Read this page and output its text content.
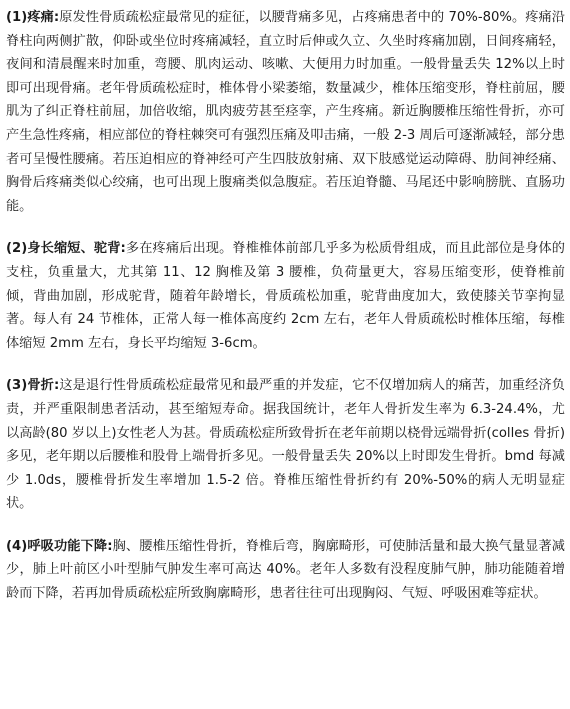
(1)疼痛:原发性骨质疏松症最常见的症征，以腰背痛多见，占疼痛患者中的 70%-80%。疼痛沿脊柱向两侧扩散，仰卧或坐位时疼痛减轻，直立时后伸或久立、久坐时疼痛加剧，日间疼痛轻，夜间和清晨醒来时加重，弯腰、肌肉运动、咳嗽、大便用力时加重。一般骨量丢失 12%以上时即可出现骨痛。老年骨质疏松症时，椎体骨小梁萎缩，数量减少，椎体压缩变形，脊柱前屈，腰肌为了纠正脊柱前屈，加倍收缩，肌肉疲劳甚至痉挛，产生疼痛。新近胸腰椎压缩性骨折，亦可产生急性疼痛，相应部位的脊柱棘突可有强烈压痛及叩击痛，一般 2-3 周后可逐渐减轻，部分患者可呈慢性腰痛。若压迫相应的脊神经可产生四肢放射痛、双下肢感觉运动障碍、肋间神经痛、胸骨后疼痛类似心绞痛，也可出现上腹痛类似急腹症。若压迫脊髓、马尾还中影响膀胱、直肠功能。

(2)身长缩短、驼背:多在疼痛后出现。脊椎椎体前部几乎多为松质骨组成，而且此部位是身体的支柱，负重量大，尤其第 11、12 胸椎及第 3 腰椎，负荷量更大，容易压缩变形，使脊椎前倾，背曲加剧，形成驼背，随着年龄增长，骨质疏松加重，驼背曲度加大，致使膝关节挛拘显著。每人有 24 节椎体，正常人每一椎体高度约 2cm 左右，老年人骨质疏松时椎体压缩，每椎体缩短 2mm 左右，身长平均缩短 3-6cm。

(3)骨折:这是退行性骨质疏松症最常见和最严重的并发症，它不仅增加病人的痛苦，加重经济负责，并严重限制患者活动，甚至缩短寿命。据我国统计，老年人骨折发生率为 6.3-24.4%，尤以高龄(80 岁以上)女性老人为甚。骨质疏松症所致骨折在老年前期以桡骨远端骨折(colles 骨折)多见，老年期以后腰椎和股骨上端骨折多见。一般骨量丢失 20%以上时即发生骨折。bmd 每减少 1.0ds，腰椎骨折发生率增加 1.5-2 倍。脊椎压缩性骨折约有 20%-50%的病人无明显症状。

(4)呼吸功能下降:胸、腰椎压缩性骨折，脊椎后弯，胸廓畸形，可使肺活量和最大换气量显著减少，肺上叶前区小叶型肺气肿发生率可高达 40%。老年人多数有没程度肺气肿，肺功能随着增龄而下降，若再加骨质疏松症所致胸廓畸形，患者往往可出现胸闷、气短、呼吸困难等症状。
